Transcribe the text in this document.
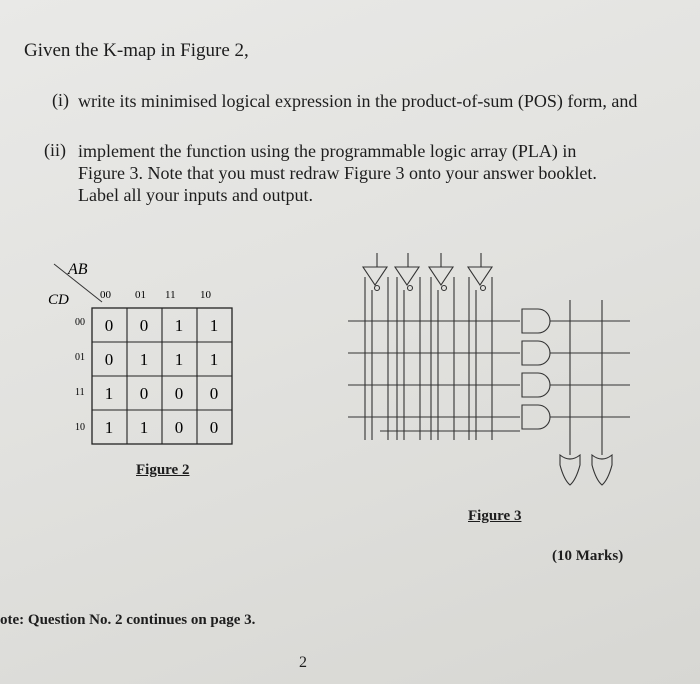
Given the K-map in Figure 2,
(i) write its minimised logical expression in the product-of-sum (POS) form, and
(ii) implement the function using the programmable logic array (PLA) in
Figure 3. Note that you must redraw Figure 3 onto your answer booklet.
Label all your inputs and output.
AB
CD	00 01 11 10
00
01
11
10
0 0 1 1
0 1 1 1
1 0 0 0
1 1 0 0
Figure 2
Figure 3
(10 Marks)
ote: Question No. 2 continues on page 3.
2
